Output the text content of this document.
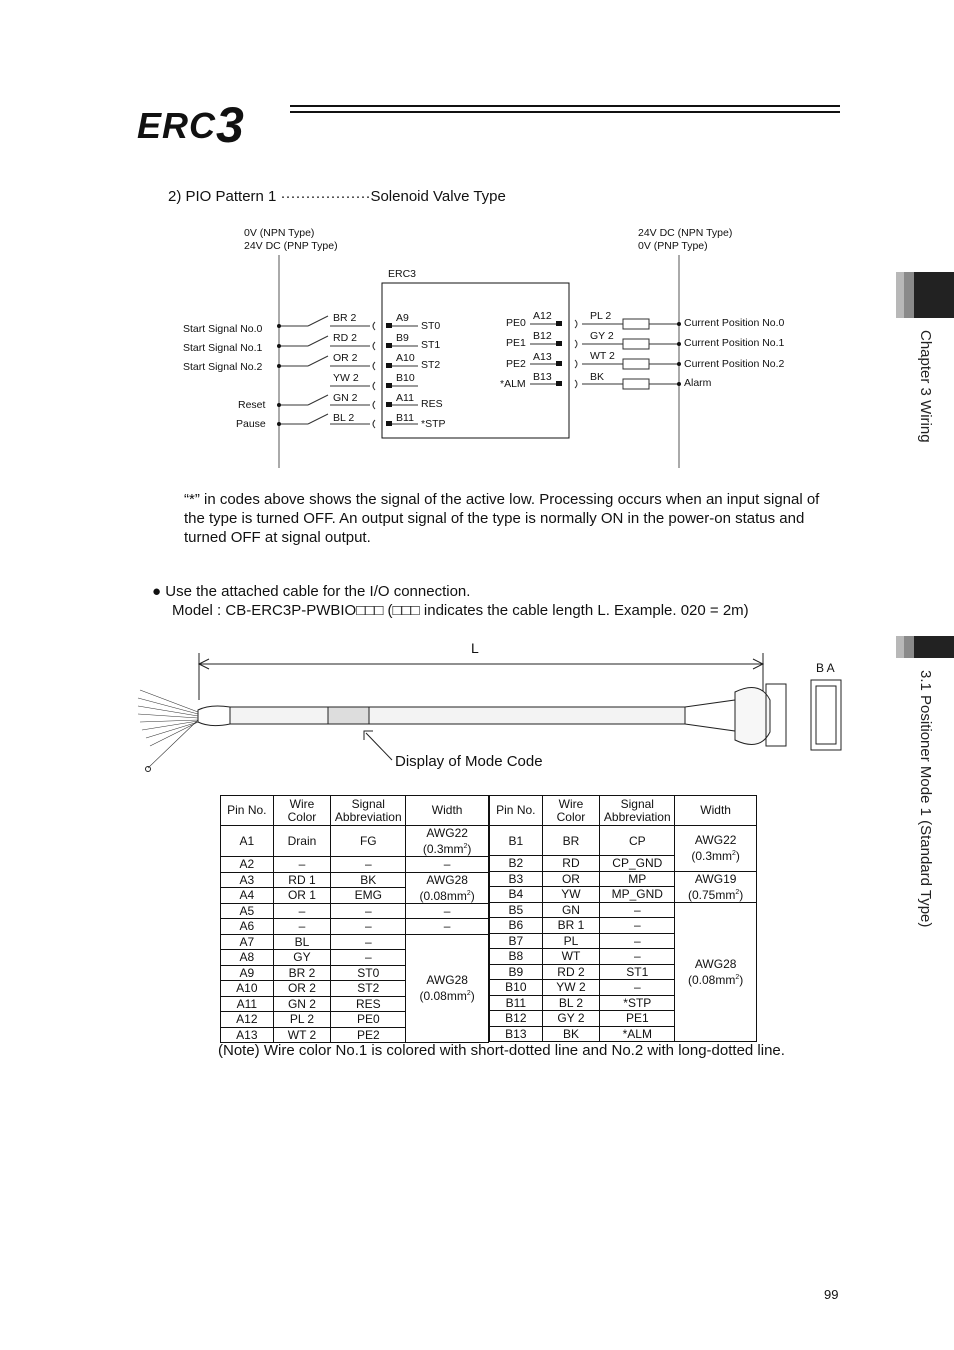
ERC3
Chapter 3 Wiring
3.1 Positioner Mode 1 (Standard Type)
2) PIO Pattern 1 ··················Solenoid Valve Type
0V (NPN Type)
24V DC (PNP Type)
24V DC (NPN Type)
0V (PNP Type)
ERC3
Start Signal No.0
Start Signal No.1
Start Signal No.2
Reset
Pause
BR 2
RD 2
OR 2
YW 2
GN 2
BL 2
A9
B9
A10
B10
A11
B11
ST0
ST1
ST2
RES
*STP
PE0
PE1
PE2
*ALM
A12
B12
A13
B13
PL 2
GY 2
WT 2
BK
Current Position No.0
Current Position No.1
Current Position No.2
Alarm
“*” in codes above shows the signal of the active low. Processing occurs when an input signal of the type is turned OFF. An output signal of the type is normally ON in the power-on status and turned OFF at signal output.
● Use the attached cable for the I/O connection.
Model : CB-ERC3P-PWBIO□□□ (□□□ indicates the cable length L. Example. 020 = 2m)
L
B A
Display of Mode Code
Pin No.	Wire Color	Signal Abbreviation	Width
A1	Drain	FG	AWG22
$(0.3mm^2)$
A2	–	–	–
A3	RD 1	BK	AWG28
$(0.08mm^2)$
A4	OR 1	EMG	
A5	–	–	–
A6	–	–	–
A7	BL	–	AWG28
$(0.08mm^2)$
A8	GY	–	
A9	BR 2	ST0	
A10	OR 2	ST2	
A11	GN 2	RES	
A12	PL 2	PE0	
A13	WT 2	PE2	
Pin No.	Wire Color	Signal Abbreviation	Width
B1	BR	CP	AWG22
$(0.3mm^2)$
B2	RD	CP_GND	
B3	OR	MP	AWG19
$(0.75mm^2)$
B4	YW	MP_GND	
B5	GN	–	AWG28
$(0.08mm^2)$
B6	BR 1	–	
B7	PL	–	
B8	WT	–	
B9	RD 2	ST1	
B10	YW 2	–	
B11	BL 2	*STP	
B12	GY 2	PE1	
B13	BK	*ALM	
(Note) Wire color No.1 is colored with short-dotted line and No.2 with long-dotted line.
99
